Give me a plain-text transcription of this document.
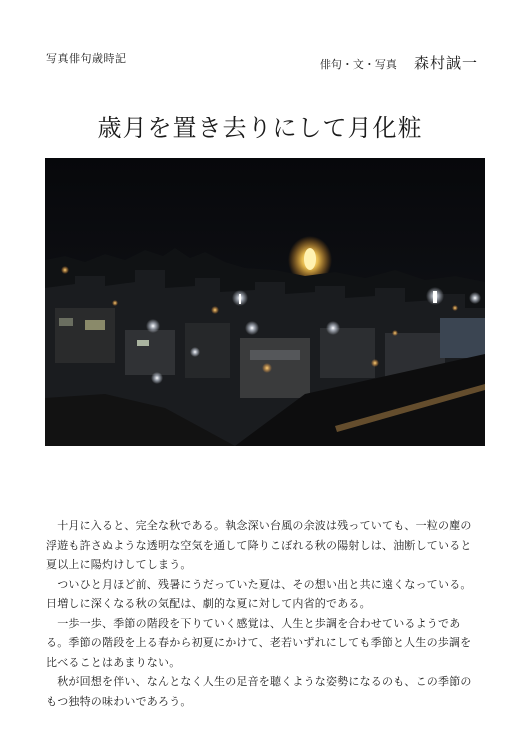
写真俳句歳時記	俳句・文・写真 森村誠一
歳月を置き去りにして月化粧

　十月に入ると、完全な秋である。執念深い台風の余波は残っていても、一粒の塵の浮遊も許さぬような透明な空気を通して降りこぼれる秋の陽射しは、油断していると夏以上に陽灼けしてしまう。

　ついひと月ほど前、残暑にうだっていた夏は、その想い出と共に遠くなっている。日増しに深くなる秋の気配は、劇的な夏に対して内省的である。

　一歩一歩、季節の階段を下りていく感覚は、人生と歩調を合わせているようである。季節の階段を上る春から初夏にかけて、老若いずれにしても季節と人生の歩調を比べることはあまりない。

　秋が回想を伴い、なんとなく人生の足音を聴くような姿勢になるのも、この季節のもつ独特の味わいであろう。
